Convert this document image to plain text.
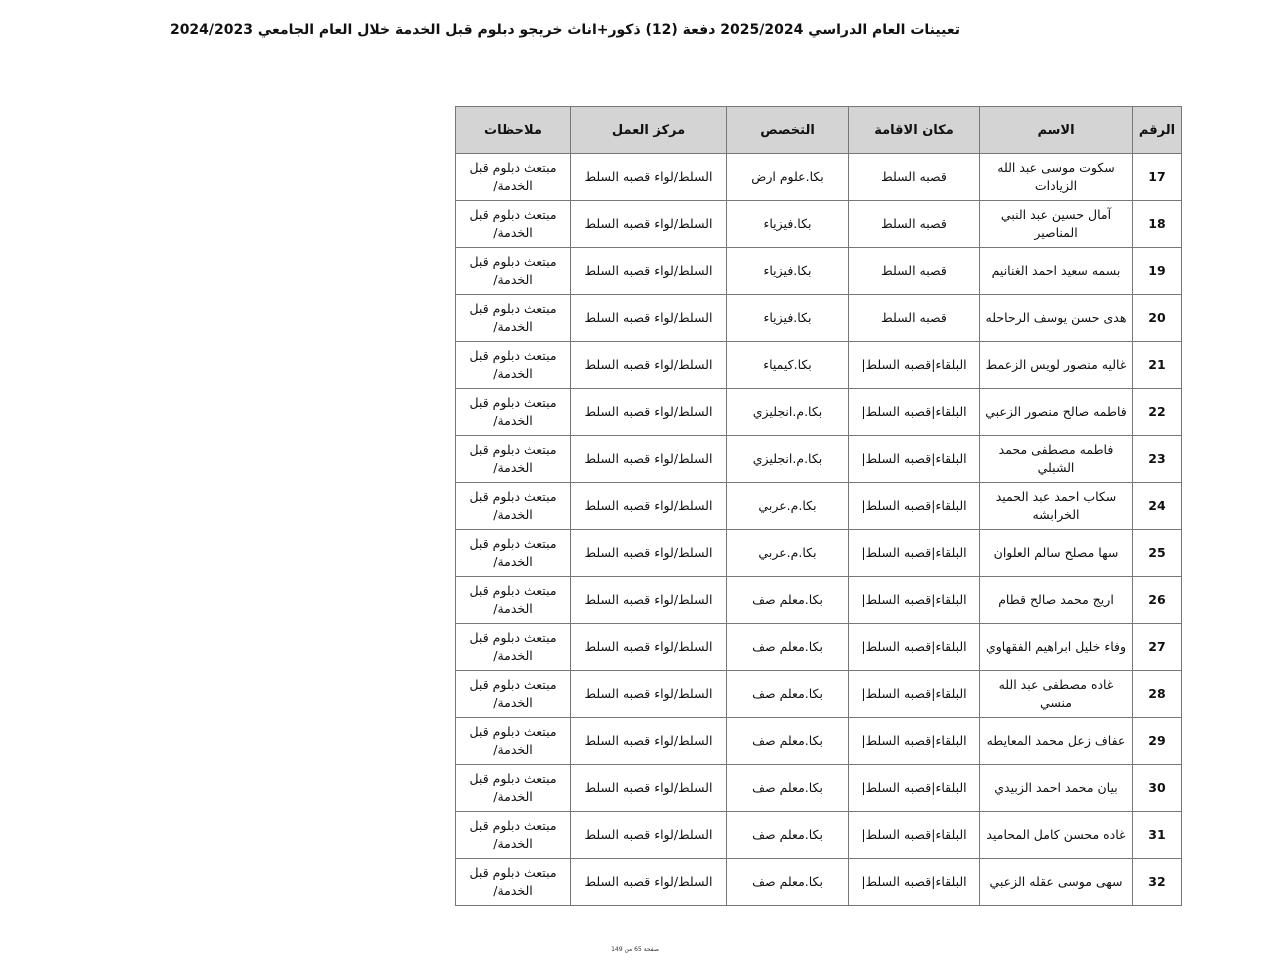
تعيينات العام الدراسي 2025/2024 دفعة (12) ذكور+اناث خريجو دبلوم قبل الخدمة خلال العام الجامعي 2024/2023
الرقم	الاسم	مكان الاقامة	التخصص	مركز العمل	ملاحظات
17	سكوت موسى عبد الله الزيادات	قصبه السلط	بكا.علوم ارض	السلط/لواء قصبه السلط	مبتعث دبلوم قبل الخدمة/
18	آمال حسين عبد النبي المناصير	قصبه السلط	بكا.فيزياء	السلط/لواء قصبه السلط	مبتعث دبلوم قبل الخدمة/
19	بسمه سعيد احمد الغنانيم	قصبه السلط	بكا.فيزياء	السلط/لواء قصبه السلط	مبتعث دبلوم قبل الخدمة/
20	هدى حسن يوسف الرحاحله	قصبه السلط	بكا.فيزياء	السلط/لواء قصبه السلط	مبتعث دبلوم قبل الخدمة/
21	غاليه منصور لويس الزعمط	البلقاء|قصبه السلط|	بكا.كيمياء	السلط/لواء قصبه السلط	مبتعث دبلوم قبل الخدمة/
22	فاطمه صالح منصور الزعبي	البلقاء|قصبه السلط|	بكا.م.انجليزي	السلط/لواء قصبه السلط	مبتعث دبلوم قبل الخدمة/
23	فاطمه مصطفى محمد الشبلي	البلقاء|قصبه السلط|	بكا.م.انجليزي	السلط/لواء قصبه السلط	مبتعث دبلوم قبل الخدمة/
24	سكاب احمد عبد الحميد الخرابشه	البلقاء|قصبه السلط|	بكا.م.عربي	السلط/لواء قصبه السلط	مبتعث دبلوم قبل الخدمة/
25	سها مصلح سالم العلوان	البلقاء|قصبه السلط|	بكا.م.عربي	السلط/لواء قصبه السلط	مبتعث دبلوم قبل الخدمة/
26	اريج محمد صالح قطام	البلقاء|قصبه السلط|	بكا.معلم صف	السلط/لواء قصبه السلط	مبتعث دبلوم قبل الخدمة/
27	وفاء خليل ابراهيم الفقهاوي	البلقاء|قصبه السلط|	بكا.معلم صف	السلط/لواء قصبه السلط	مبتعث دبلوم قبل الخدمة/
28	غاده مصطفى عبد الله منسي	البلقاء|قصبه السلط|	بكا.معلم صف	السلط/لواء قصبه السلط	مبتعث دبلوم قبل الخدمة/
29	عفاف زعل محمد المعايطه	البلقاء|قصبه السلط|	بكا.معلم صف	السلط/لواء قصبه السلط	مبتعث دبلوم قبل الخدمة/
30	بيان محمد احمد الزبيدي	البلقاء|قصبه السلط|	بكا.معلم صف	السلط/لواء قصبه السلط	مبتعث دبلوم قبل الخدمة/
31	غاده محسن كامل المحاميد	البلقاء|قصبه السلط|	بكا.معلم صف	السلط/لواء قصبه السلط	مبتعث دبلوم قبل الخدمة/
32	سهى موسى عقله الزعبي	البلقاء|قصبه السلط|	بكا.معلم صف	السلط/لواء قصبه السلط	مبتعث دبلوم قبل الخدمة/
صفحة 65 من 149
